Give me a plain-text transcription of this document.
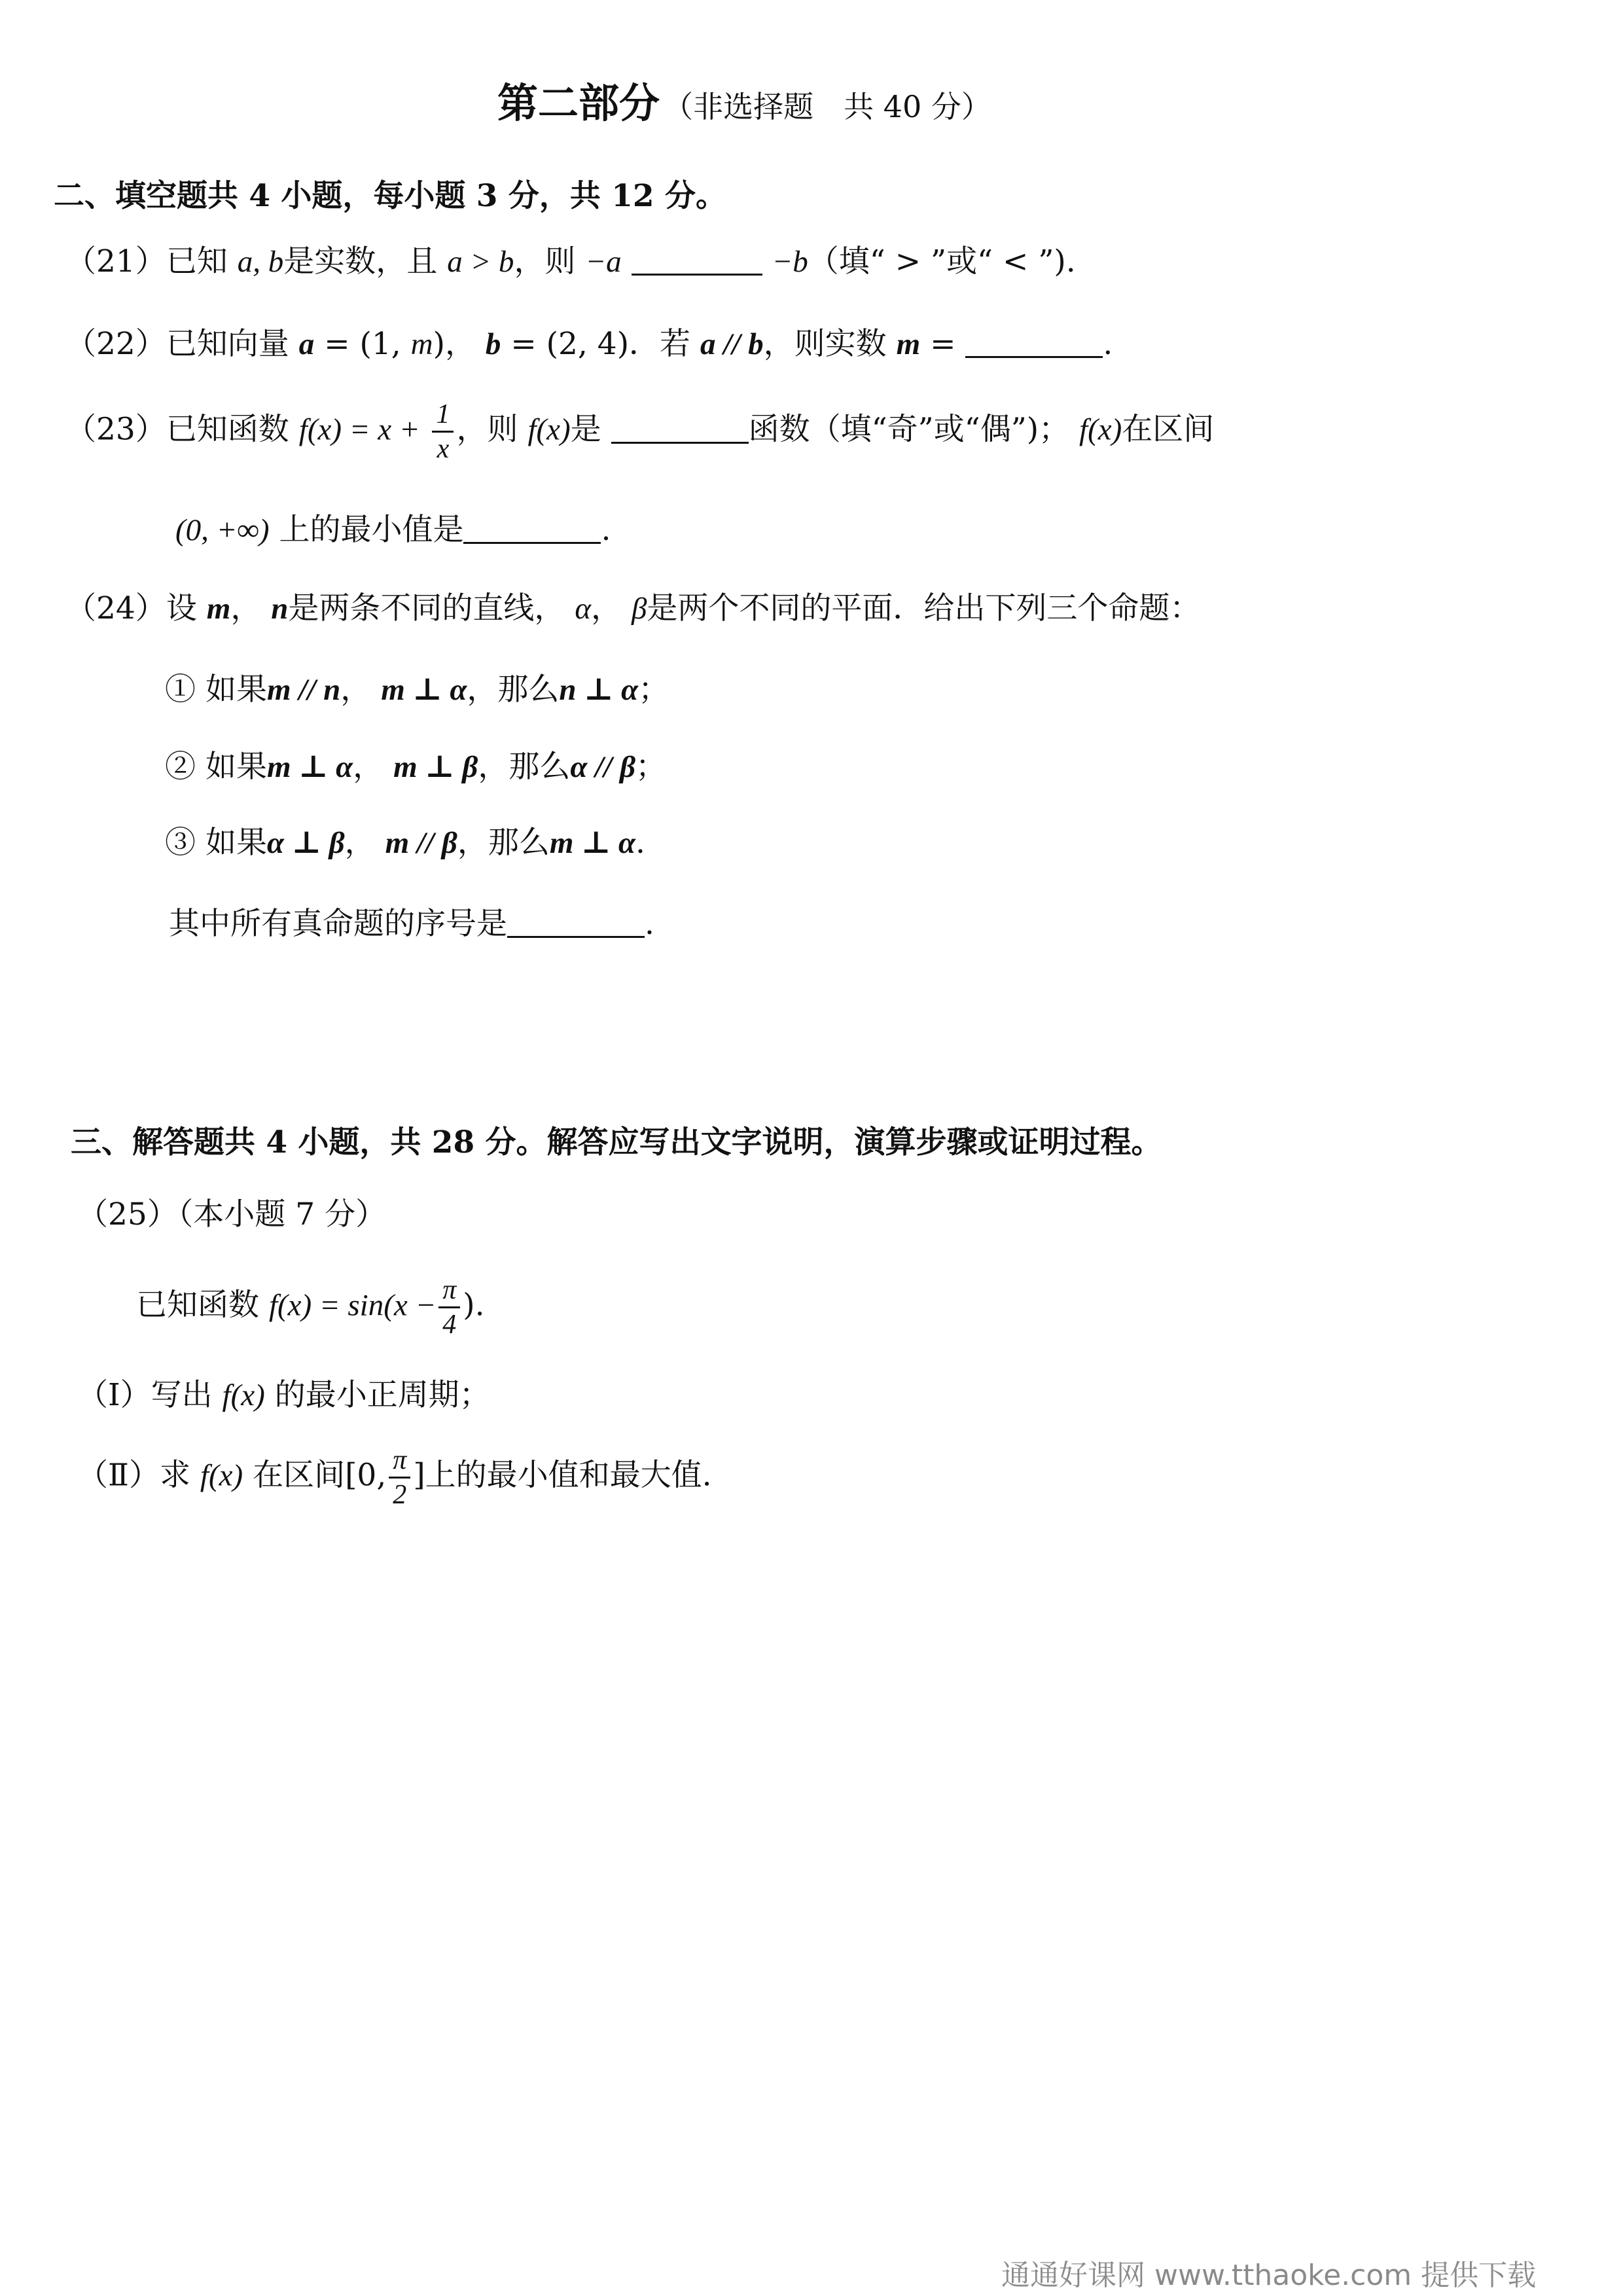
第二部分 （非选择题　共 40 分）
二、填空题共 4 小题，每小题 3 分，共 12 分。
（21）已知 a, b是实数，且 a > b，则 −a	−b（填“ > ”或“ < ”).
（22）已知向量 a = (1, m)， b = (2, 4)．若 a // b，则实数 m =	.
（23）已知函数 $f(x) = x + \frac{1}{x}$ ，则 f(x)是	函数（填“奇”或“偶”)； f(x)在区间
(0, +∞) 上的最小值是	.
（24）设 m， n是两条不同的直线， α， β是两个不同的平面．给出下列三个命题：
① 如果m // n， m ⊥ α，那么n ⊥ α；
② 如果m ⊥ α， m ⊥ β，那么α // β；
③ 如果α ⊥ β， m // β，那么m ⊥ α.
其中所有真命题的序号是	.
三、解答题共 4 小题，共 28 分。解答应写出文字说明，演算步骤或证明过程。
（25）（本小题 7 分）
已知函数 $f(x) = \sin(x - \frac{\pi}{4}$ ).
（Ⅰ）写出 f(x) 的最小正周期；
（Ⅱ）求 f(x) 在区间[0, $\frac{\pi}{2}$ ]上的最小值和最大值.
通通好课网 www.tthaoke.com 提供下载
